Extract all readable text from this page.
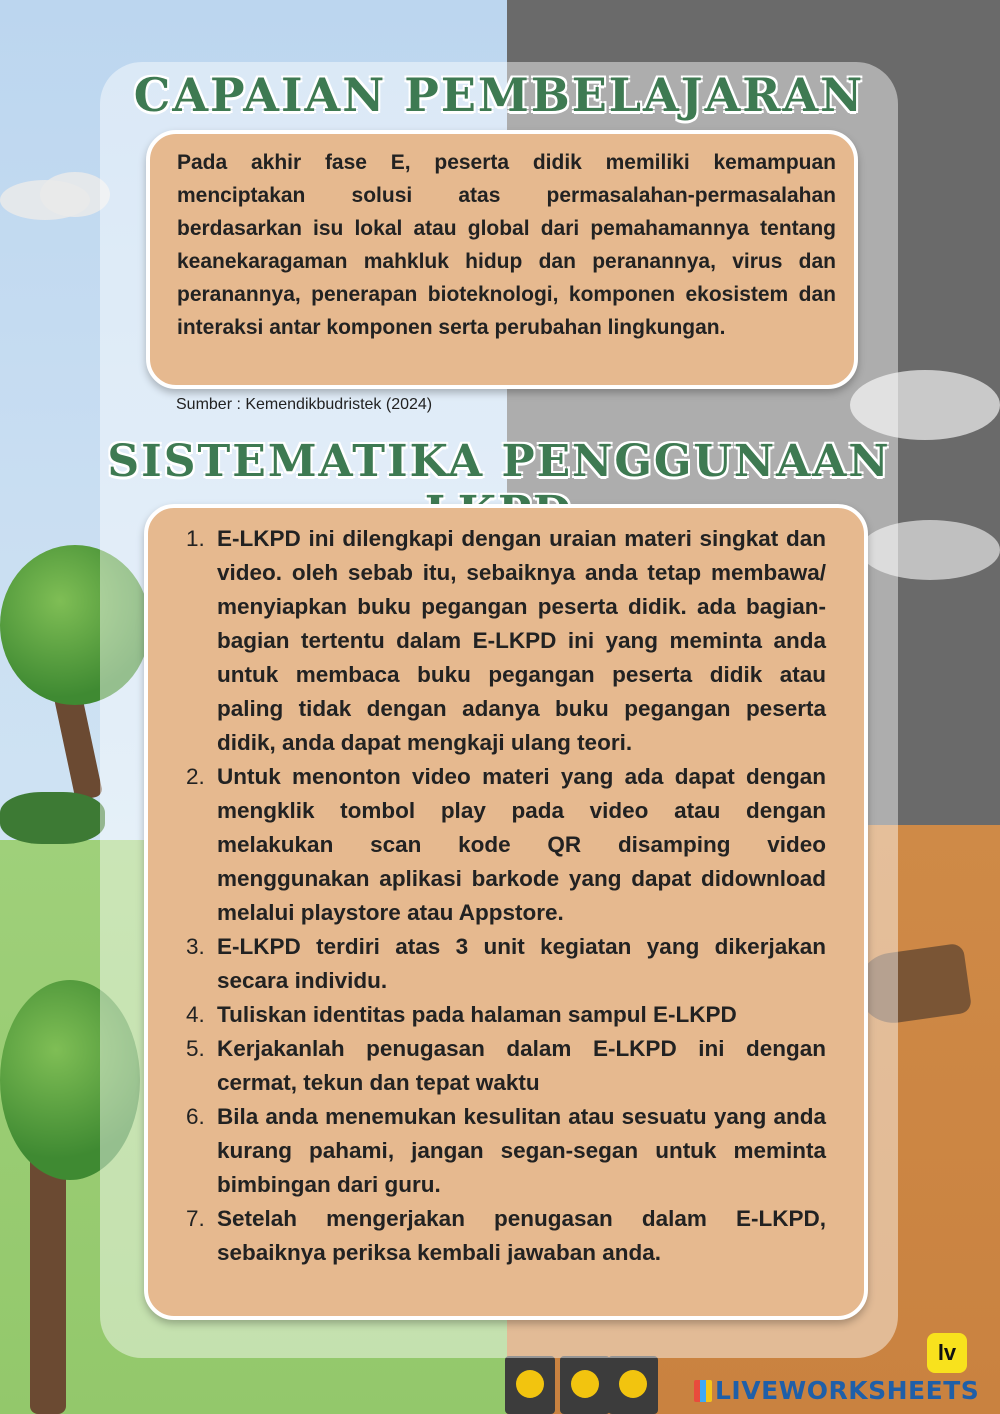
CAPAIAN PEMBELAJARAN

Pada akhir fase E, peserta didik memiliki kemampuan menciptakan solusi atas permasalahan-permasalahan berdasarkan isu lokal atau global dari pemahamannya tentang keanekaragaman mahkluk hidup dan peranannya, virus dan peranannya, penerapan bioteknologi, komponen ekosistem dan interaksi antar komponen serta perubahan lingkungan.

Sumber : Kemendikbudristek (2024)
SISTEMATIKA PENGGUNAAN
1. E-LKPD ini dilengkapi dengan uraian materi singkat dan video. oleh sebab itu, sebaiknya anda tetap membawa/ menyiapkan buku pegangan peserta didik. ada bagian-bagian tertentu dalam E-LKPD ini yang meminta anda untuk membaca buku pegangan peserta didik atau paling tidak dengan adanya buku pegangan peserta didik, anda dapat mengkaji ulang teori.
2. Untuk menonton video materi yang ada dapat dengan mengklik tombol play pada video atau dengan melakukan scan kode QR disamping video menggunakan aplikasi barkode yang dapat didownload melalui playstore atau Appstore.
3. E-LKPD terdiri atas 3 unit kegiatan yang dikerjakan secara individu.
4. Tuliskan identitas pada halaman sampul E-LKPD
5. Kerjakanlah penugasan dalam E-LKPD ini dengan cermat, tekun dan tepat waktu
6. Bila anda menemukan kesulitan atau sesuatu yang anda kurang pahami, jangan segan-segan untuk meminta bimbingan dari guru.
7. Setelah mengerjakan penugasan dalam E-LKPD, sebaiknya periksa kembali jawaban anda.
lv
LIVEWORKSHEETS
